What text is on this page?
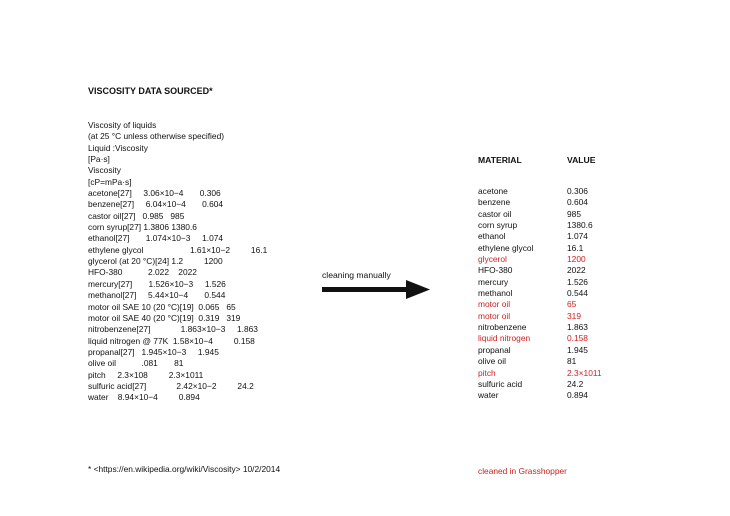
VISCOSITY DATA SOURCED*
Viscosity of liquids
(at 25 °C unless otherwise specified)
Liquid :Viscosity
[Pa·s]
Viscosity
[cP=mPa·s]
acetone[27]     3.06×10−4       0.306
benzene[27]     6.04×10−4       0.604
castor oil[27]   0.985   985
corn syrup[27] 1.3806 1380.6
ethanol[27]       1.074×10−3     1.074
ethylene glycol                    1.61×10−2         16.1
glycerol (at 20 °C)[24] 1.2         1200
HFO-380           2.022    2022
mercury[27]       1.526×10−3     1.526
methanol[27]     5.44×10−4       0.544
motor oil SAE 10 (20 °C)[19]  0.065   65
motor oil SAE 40 (20 °C)[19]  0.319   319
nitrobenzene[27]             1.863×10−3     1.863
liquid nitrogen @ 77K  1.58×10−4         0.158
propanal[27]   1.945×10−3     1.945
olive oil           .081       81
pitch     2.3×108         2.3×1011
sulfuric acid[27]             2.42×10−2         24.2
water    8.94×10−4         0.894
MATERIAL	VALUE
acetone	0.306
benzene	0.604
castor oil	985
corn syrup	1380.6
ethanol	1.074
ethylene glycol	16.1
glycerol	1200
HFO-380	2022
mercury	1.526
methanol	0.544
motor oil	65
motor oil	319
nitrobenzene	1.863
liquid nitrogen	0.158
propanal	1.945
olive oil	81
pitch	2.3×1011
sulfuric acid	24.2
water	0.894
cleaning manually
* <https://en.wikipedia.org/wiki/Viscosity> 10/2/2014	cleaned in Grasshopper
